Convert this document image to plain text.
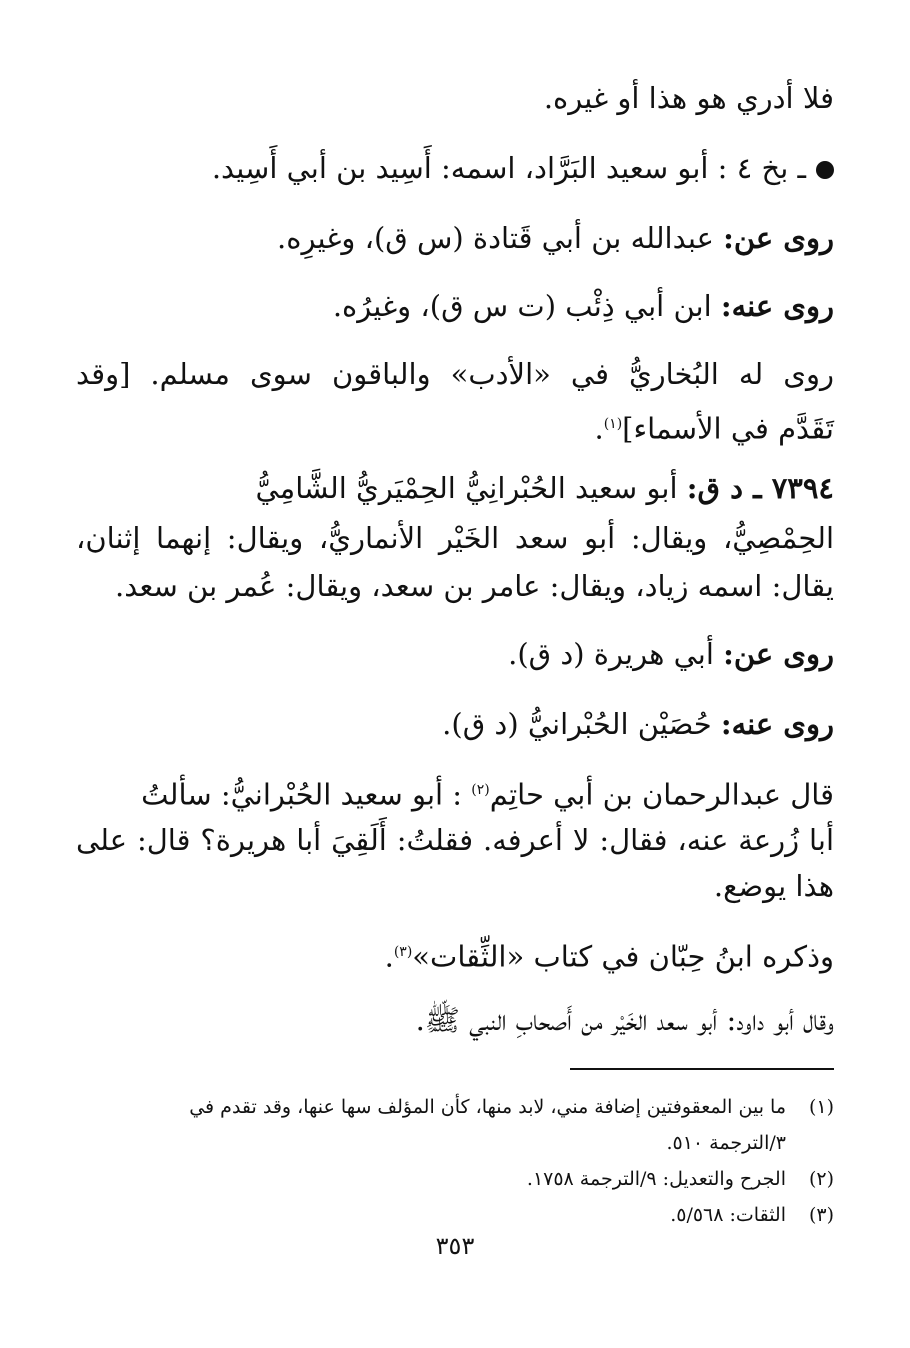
فلا أدري هو هذا أو غيره.
ـ بخ ٤ : أبو سعيد البَرَّاد، اسمه: أَسِيد بن أبي أَسِيد.
روى عن: عبدالله بن أبي قَتادة (س ق)، وغيرِه.
روى عنه: ابن أبي ذِئْب (ت س ق)، وغيرُه.
روى له البُخاريُّ في «الأدب» والباقون سوى مسلم. [وقد
تَقَدَّم في الأسماء]$^{(١)}$.
٧٣٩٤ ـ د ق: أبو سعيد الحُبْرانِيُّ الحِمْيَريُّ الشَّامِيُّ
الحِمْصِيُّ، ويقال: أبو سعد الخَيْر الأنماريُّ، ويقال: إنهما إثنان،
يقال: اسمه زياد، ويقال: عامر بن سعد، ويقال: عُمر بن سعد.
روى عن: أبي هريرة (د ق).
روى عنه: حُصَيْن الحُبْرانيُّ (د ق).
قال عبدالرحمان بن أبي حاتِم$^{(٢)}$ : أبو سعيد الحُبْرانيُّ: سألتُ
أبا زُرعة عنه، فقال: لا أعرفه. فقلتُ: أَلَقِيَ أبا هريرة؟ قال: على
هذا يوضع.
وذكره ابنُ حِبّان في كتاب «الثِّقات»$^{(٣)}$.
وقال أبو داود: أبو سعد الخَيْر من أَصحابِ النبي ﷺ.
(١)ما بين المعقوفتين إضافة مني، لابد منها، كأن المؤلف سها عنها، وقد تقدم في
٣/الترجمة ٥١٠.
(٢)الجرح والتعديل: ٩/الترجمة ١٧٥٨.
(٣)الثقات: ٥/٥٦٨.
٣٥٣
